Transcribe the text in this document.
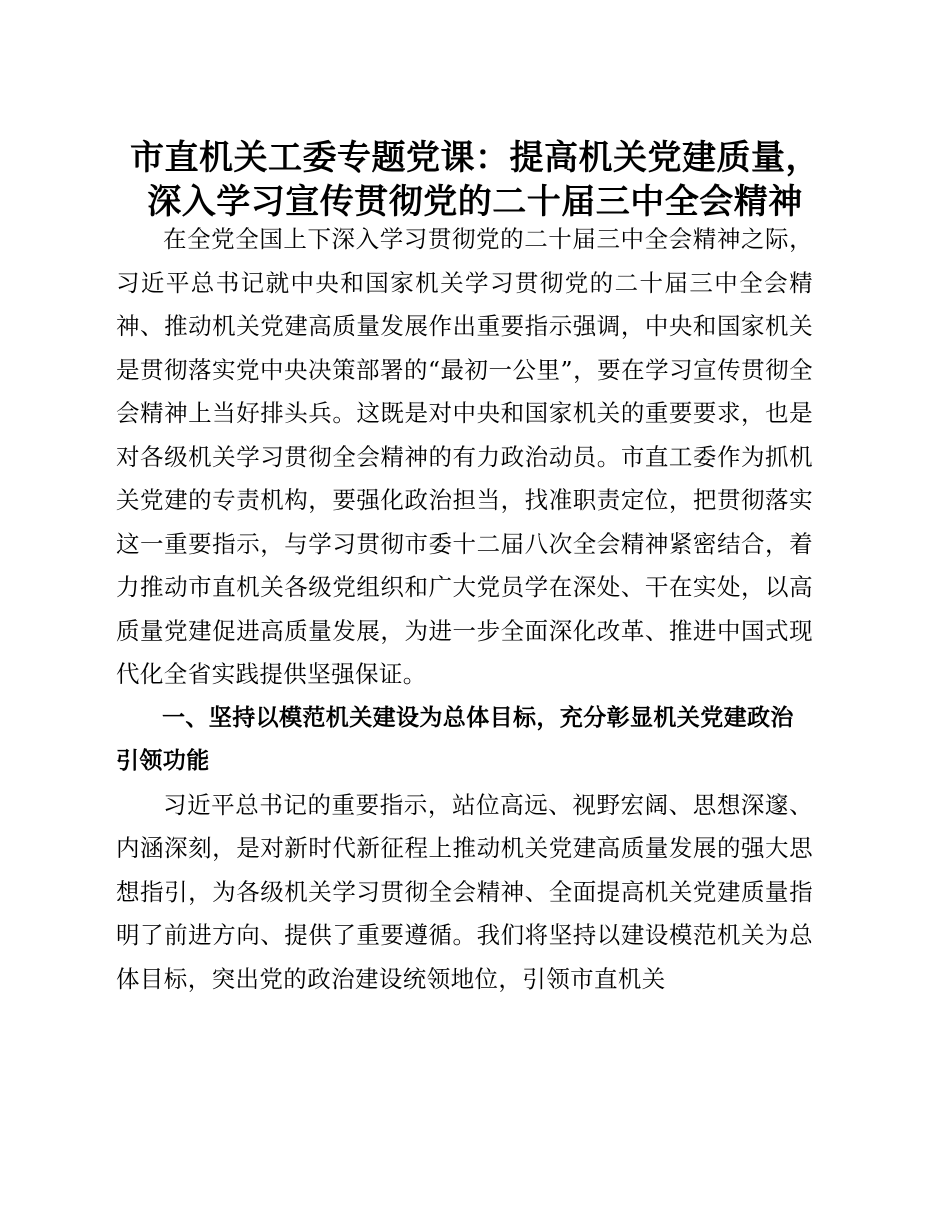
市直机关工委专题党课：提高机关党建质量，
深入学习宣传贯彻党的二十届三中全会精神

在全党全国上下深入学习贯彻党的二十届三中全会精神之际，习近平总书记就中央和国家机关学习贯彻党的二十届三中全会精神、推动机关党建高质量发展作出重要指示强调，中央和国家机关是贯彻落实党中央决策部署的“最初一公里”，要在学习宣传贯彻全会精神上当好排头兵。这既是对中央和国家机关的重要要求，也是对各级机关学习贯彻全会精神的有力政治动员。市直工委作为抓机关党建的专责机构，要强化政治担当，找准职责定位，把贯彻落实这一重要指示，与学习贯彻市委十二届八次全会精神紧密结合，着力推动市直机关各级党组织和广大党员学在深处、干在实处，以高质量党建促进高质量发展，为进一步全面深化改革、推进中国式现代化全省实践提供坚强保证。

一、坚持以模范机关建设为总体目标，充分彰显机关党建政治引领功能

习近平总书记的重要指示，站位高远、视野宏阔、思想深邃、内涵深刻，是对新时代新征程上推动机关党建高质量发展的强大思想指引，为各级机关学习贯彻全会精神、全面提高机关党建质量指明了前进方向、提供了重要遵循。我们将坚持以建设模范机关为总体目标，突出党的政治建设统领地位，引领市直机关
